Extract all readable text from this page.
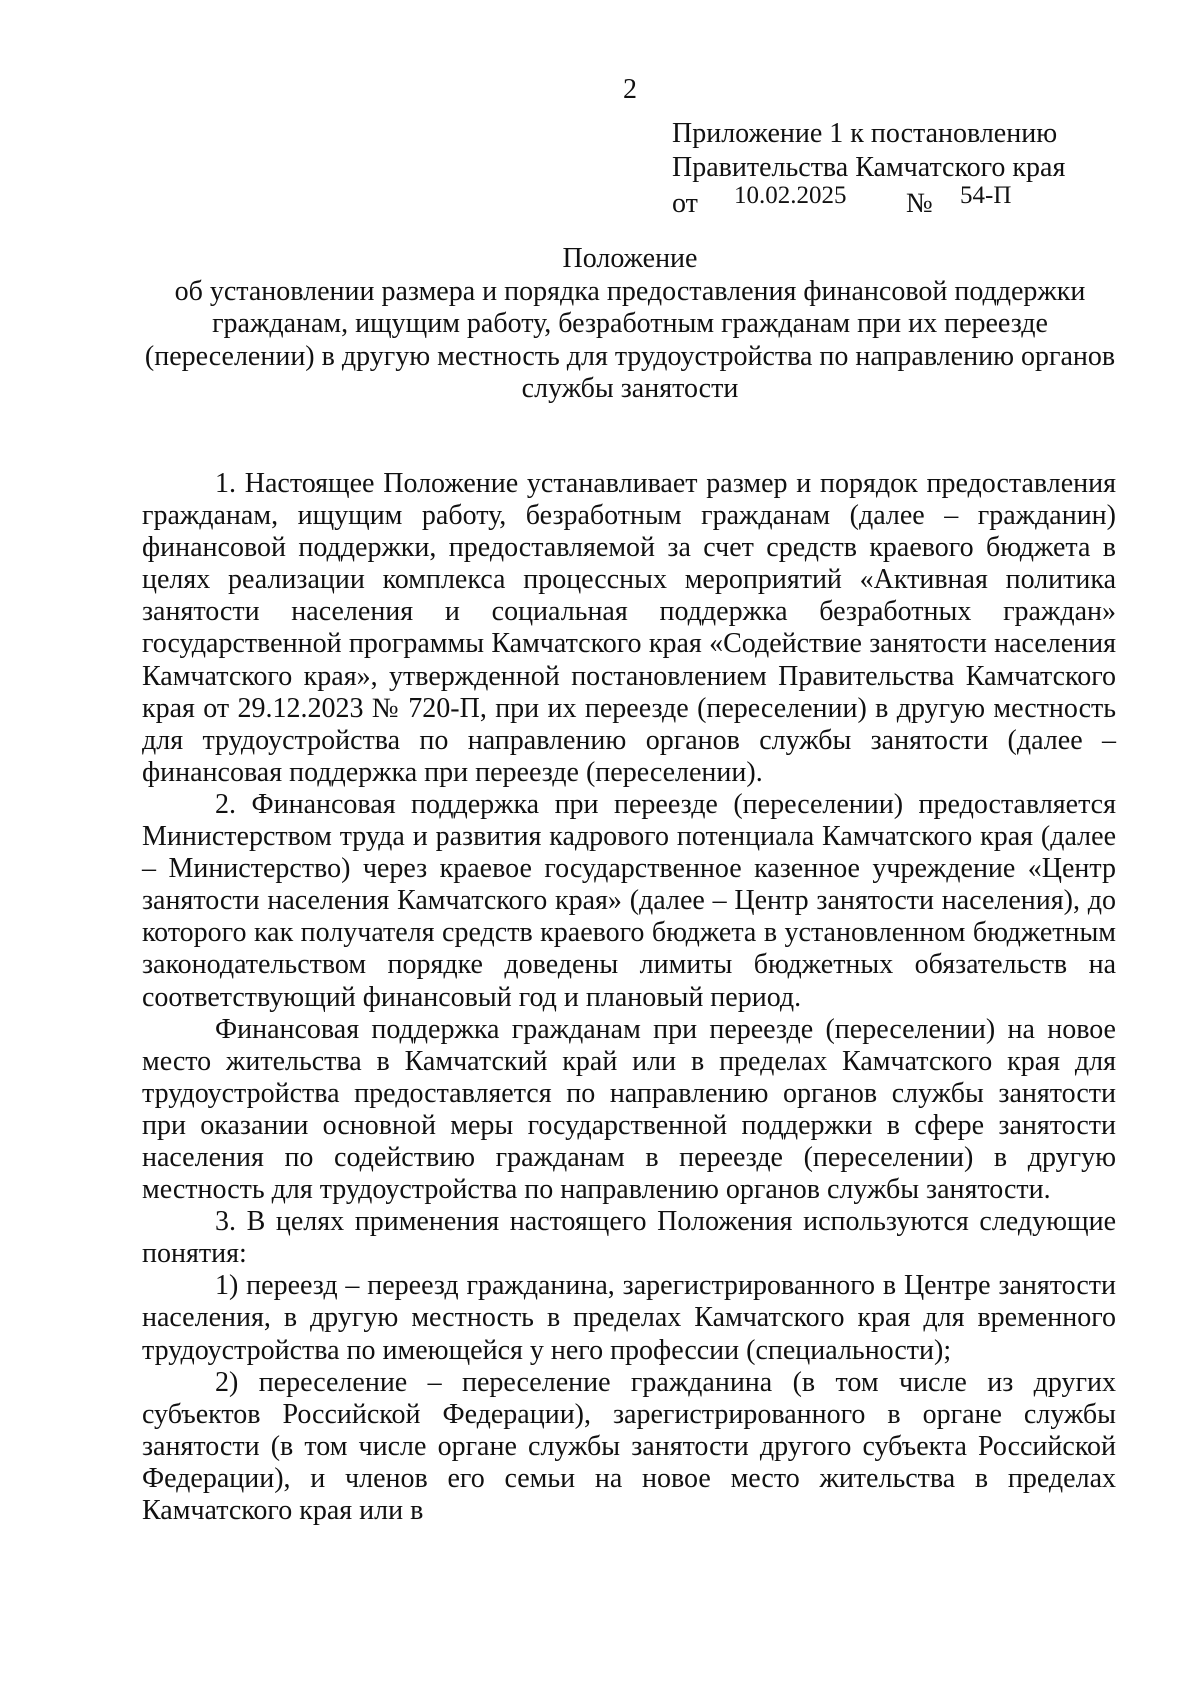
2
Приложение 1 к постановлению
Правительства Камчатского края
от 10.02.2025 № 54-П
Положение
об установлении размера и порядка предоставления финансовой поддержки
гражданам, ищущим работу, безработным гражданам при их переезде
(переселении) в другую местность для трудоустройства по направлению органов
службы занятости

1. Настоящее Положение устанавливает размер и порядок предоставления гражданам, ищущим работу, безработным гражданам (далее – гражданин) финансовой поддержки, предоставляемой за счет средств краевого бюджета в целях реализации комплекса процессных мероприятий «Активная политика занятости населения и социальная поддержка безработных граждан» государственной программы Камчатского края «Содействие занятости населения Камчатского края», утвержденной постановлением Правительства Камчатского края от 29.12.2023 № 720-П, при их переезде (переселении) в другую местность для трудоустройства по направлению органов службы занятости (далее – финансовая поддержка при переезде (переселении).

2. Финансовая поддержка при переезде (переселении) предоставляется Министерством труда и развития кадрового потенциала Камчатского края (далее – Министерство) через краевое государственное казенное учреждение «Центр занятости населения Камчатского края» (далее – Центр занятости населения), до которого как получателя средств краевого бюджета в установленном бюджетным законодательством порядке доведены лимиты бюджетных обязательств на соответствующий финансовый год и плановый период.

Финансовая поддержка гражданам при переезде (переселении) на новое место жительства в Камчатский край или в пределах Камчатского края для трудоустройства предоставляется по направлению органов службы занятости при оказании основной меры государственной поддержки в сфере занятости населения по содействию гражданам в переезде (переселении) в другую местность для трудоустройства по направлению органов службы занятости.

3. В целях применения настоящего Положения используются следующие понятия:

1) переезд – переезд гражданина, зарегистрированного в Центре занятости населения, в другую местность в пределах Камчатского края для временного трудоустройства по имеющейся у него профессии (специальности);

2) переселение – переселение гражданина (в том числе из других субъектов Российской Федерации), зарегистрированного в органе службы занятости (в том числе органе службы занятости другого субъекта Российской Федерации), и членов его семьи на новое место жительства в пределах Камчатского края или в
